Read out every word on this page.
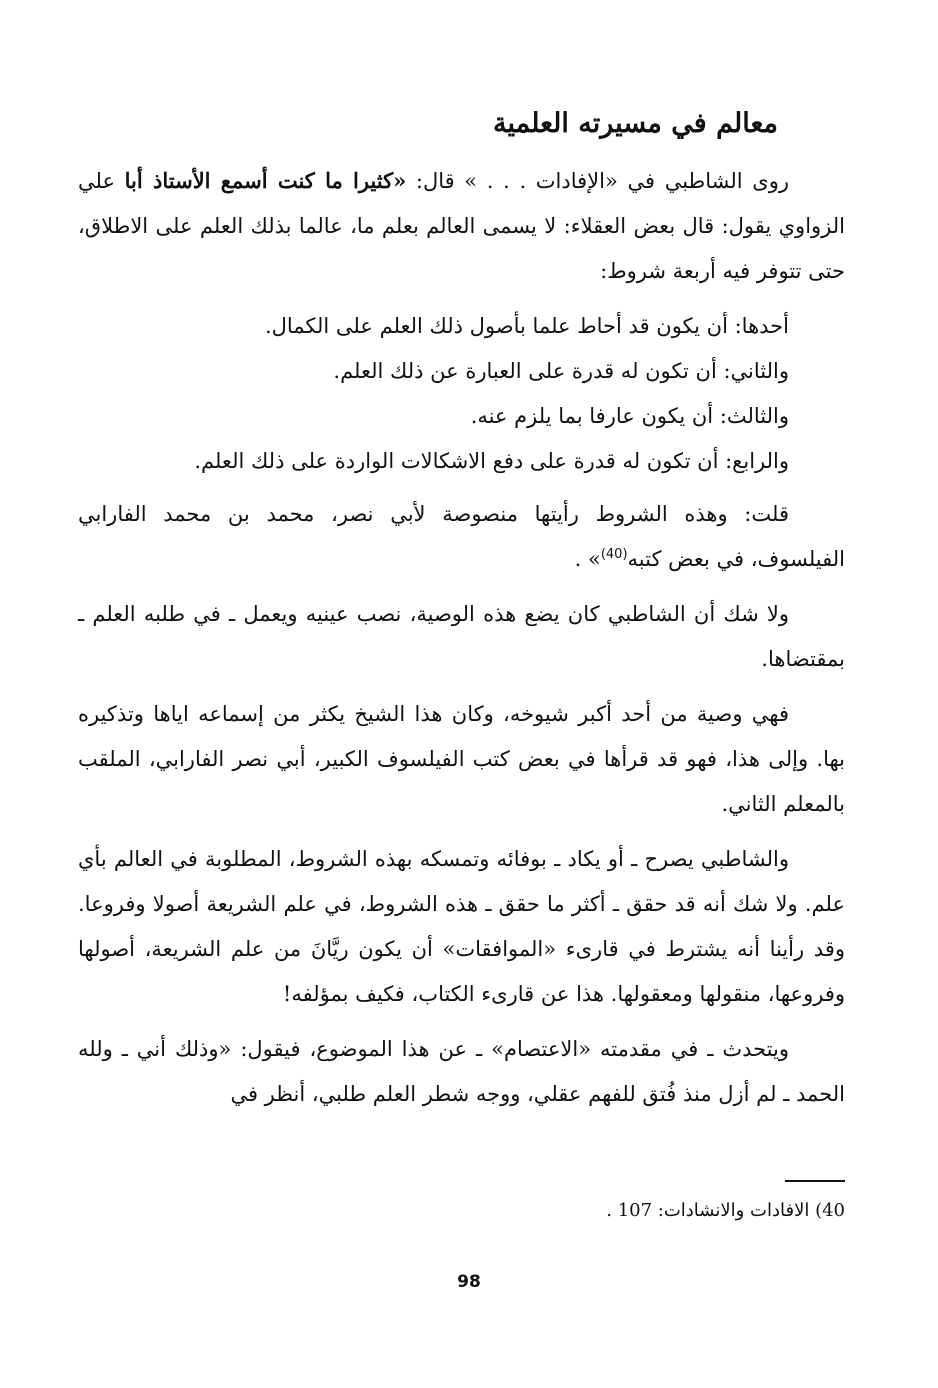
معالم في مسيرته العلمية

روى الشاطبي في «الإفادات . . . » قال: «كثيرا ما كنت أسمع الأستاذ أبا علي الزواوي يقول: قال بعض العقلاء: لا يسمى العالم بعلم ما، عالما بذلك العلم على الاطلاق، حتى تتوفر فيه أربعة شروط:

أحدها: أن يكون قد أحاط علما بأصول ذلك العلم على الكمال.
والثاني: أن تكون له قدرة على العبارة عن ذلك العلم.
والثالث: أن يكون عارفا بما يلزم عنه.
والرابع: أن تكون له قدرة على دفع الاشكالات الواردة على ذلك العلم.

قلت: وهذه الشروط رأيتها منصوصة لأبي نصر، محمد بن محمد الفارابي الفيلسوف، في بعض كتبه$^{(40)}$» .

ولا شك أن الشاطبي كان يضع هذه الوصية، نصب عينيه ويعمل ـ في طلبه العلم ـ بمقتضاها.

فهي وصية من أحد أكبر شيوخه، وكان هذا الشيخ يكثر من إسماعه اياها وتذكيره بها. وإلى هذا، فهو قد قرأها في بعض كتب الفيلسوف الكبير، أبي نصر الفارابي، الملقب بالمعلم الثاني.

والشاطبي يصرح ـ أو يكاد ـ بوفائه وتمسكه بهذه الشروط، المطلوبة في العالم بأي علم. ولا شك أنه قد حقق ـ أكثر ما حقق ـ هذه الشروط، في علم الشريعة أصولا وفروعا. وقد رأينا أنه يشترط في قارىء «الموافقات» أن يكون ريَّانَ من علم الشريعة، أصولها وفروعها، منقولها ومعقولها. هذا عن قارىء الكتاب، فكيف بمؤلفه!

ويتحدث ـ في مقدمته «الاعتصام» ـ عن هذا الموضوع، فيقول: «وذلك أني ـ ولله الحمد ـ لم أزل منذ فُتق للفهم عقلي، ووجه شطر العلم طلبي، أنظر في

40) الافادات والانشادات: 107 .
98
